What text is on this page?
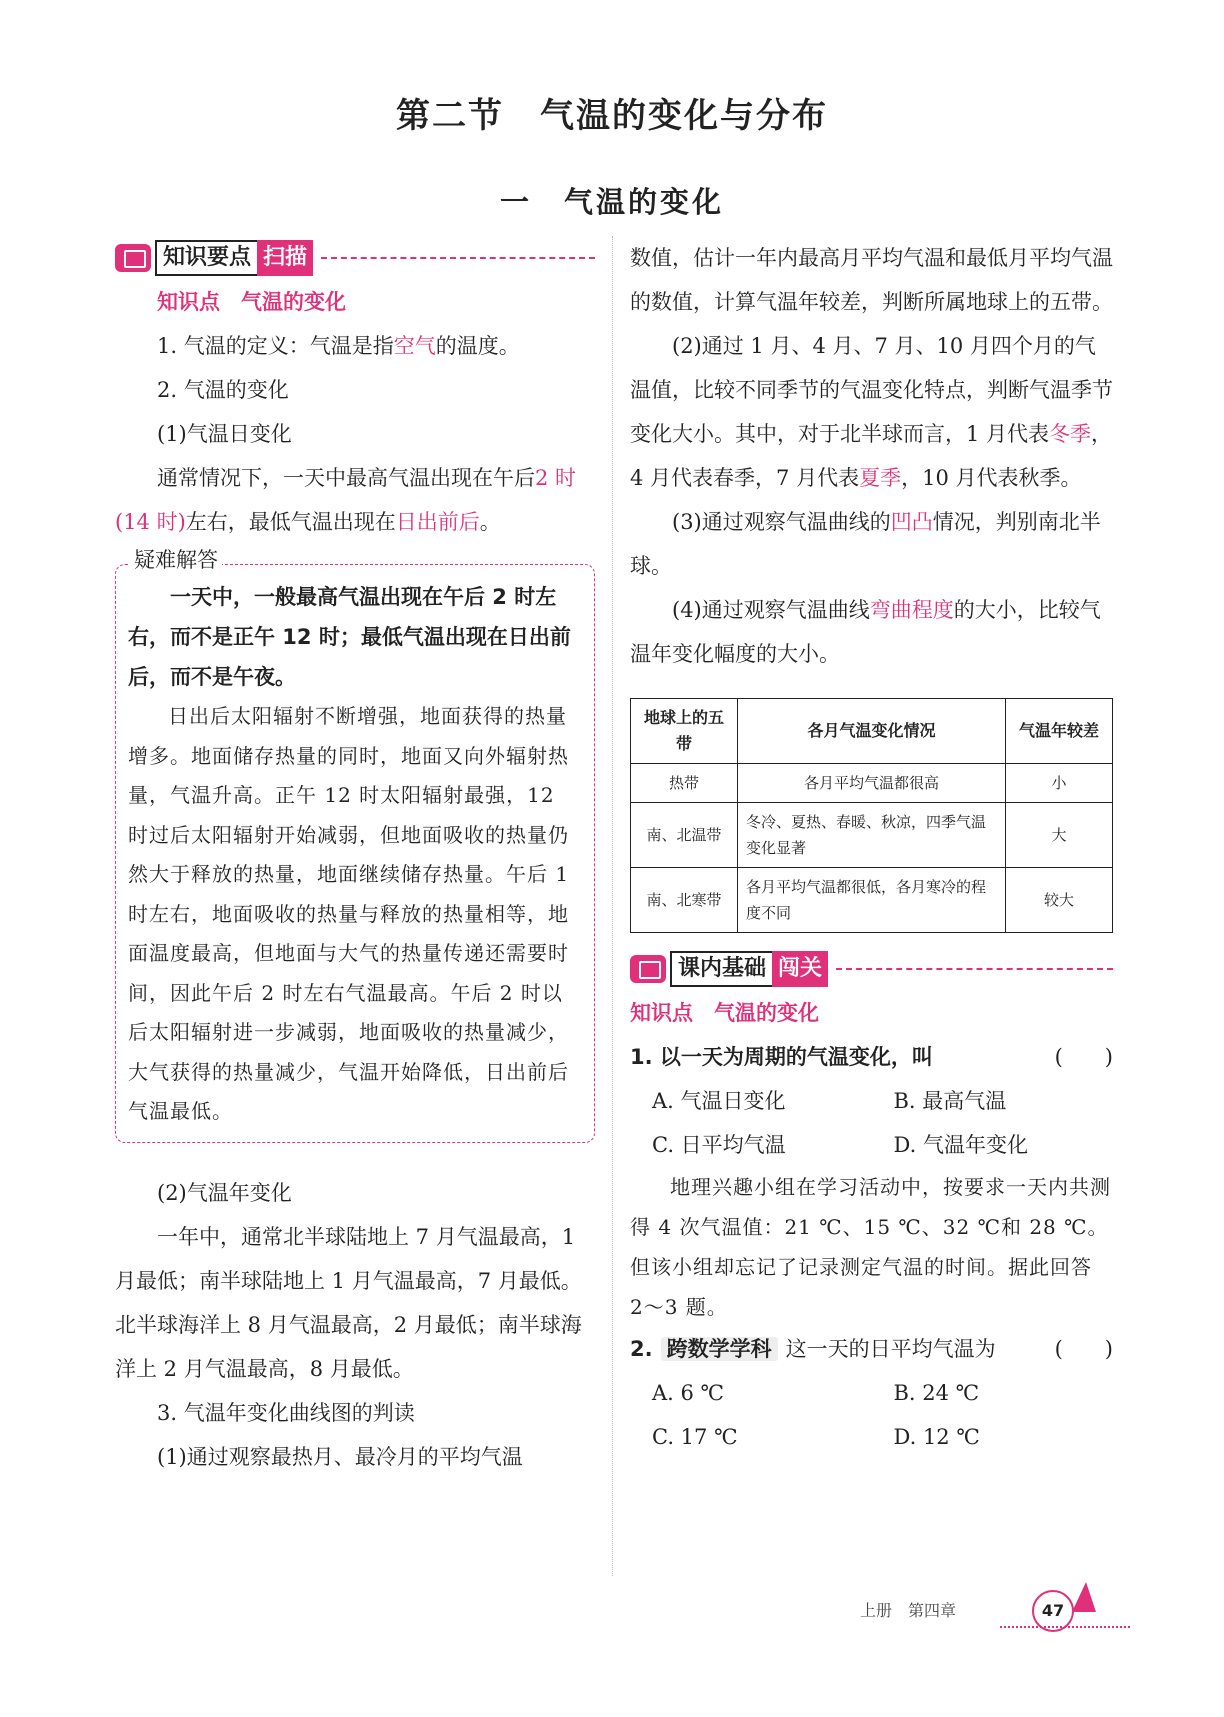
第二节　气温的变化与分布
一　气温的变化
知识要点 扫描

知识点　气温的变化

1. 气温的定义：气温是指空气的温度。

2. 气温的变化

(1)气温日变化

通常情况下，一天中最高气温出现在午后2 时(14 时)左右，最低气温出现在日出前后。

疑难解答

一天中，一般最高气温出现在午后 2 时左右，而不是正午 12 时；最低气温出现在日出前后，而不是午夜。

日出后太阳辐射不断增强，地面获得的热量增多。地面储存热量的同时，地面又向外辐射热量，气温升高。正午 12 时太阳辐射最强，12 时过后太阳辐射开始减弱，但地面吸收的热量仍然大于释放的热量，地面继续储存热量。午后 1 时左右，地面吸收的热量与释放的热量相等，地面温度最高，但地面与大气的热量传递还需要时间，因此午后 2 时左右气温最高。午后 2 时以后太阳辐射进一步减弱，地面吸收的热量减少，大气获得的热量减少，气温开始降低，日出前后气温最低。

(2)气温年变化

一年中，通常北半球陆地上 7 月气温最高，1 月最低；南半球陆地上 1 月气温最高，7 月最低。北半球海洋上 8 月气温最高，2 月最低；南半球海洋上 2 月气温最高，8 月最低。

3. 气温年变化曲线图的判读

(1)通过观察最热月、最冷月的平均气温

数值，估计一年内最高月平均气温和最低月平均气温的数值，计算气温年较差，判断所属地球上的五带。

(2)通过 1 月、4 月、7 月、10 月四个月的气温值，比较不同季节的气温变化特点，判断气温季节变化大小。其中，对于北半球而言，1 月代表冬季，4 月代表春季，7 月代表夏季，10 月代表秋季。

(3)通过观察气温曲线的凹凸情况，判别南北半球。

(4)通过观察气温曲线弯曲程度的大小，比较气温年变化幅度的大小。

地球上的五带	各月气温变化情况	气温年较差
热带	各月平均气温都很高	小
南、北温带	冬冷、夏热、春暖、秋凉，四季气温变化显著	大
南、北寒带	各月平均气温都很低，各月寒冷的程度不同	较大
课内基础 闯关

知识点　气温的变化

1. 以一天为周期的气温变化，叫	(　　)

A. 气温日变化	B. 最高气温
C. 日平均气温	D. 气温年变化

地理兴趣小组在学习活动中，按要求一天内共测得 4 次气温值：21 ℃、15 ℃、32 ℃和 28 ℃。但该小组却忘记了记录测定气温的时间。据此回答 2～3 题。

2. 跨数学学科 这一天的日平均气温为	(　　)

A. 6 ℃	B. 24 ℃
C. 17 ℃	D. 12 ℃
上册　第四章	47
